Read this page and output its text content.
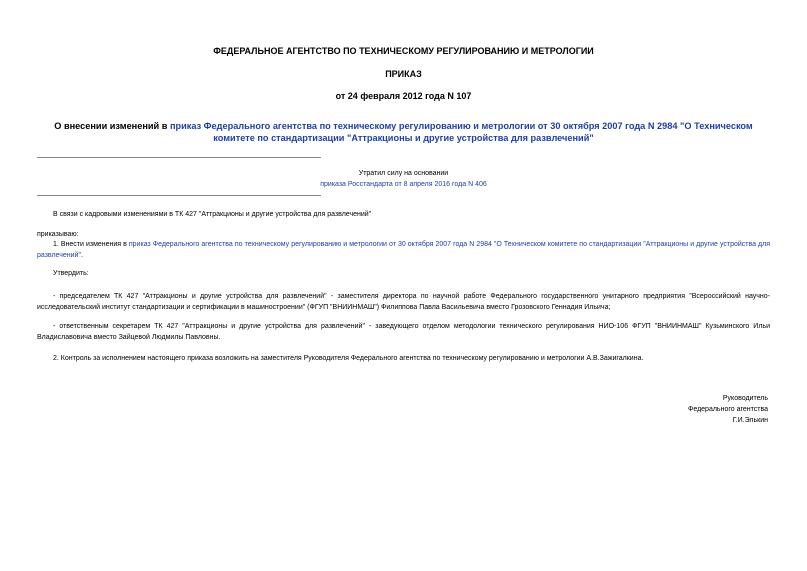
ФЕДЕРАЛЬНОЕ АГЕНТСТВО ПО ТЕХНИЧЕСКОМУ РЕГУЛИРОВАНИЮ И МЕТРОЛОГИИ
ПРИКАЗ
от 24 февраля 2012 года N 107
О внесении изменений в приказ Федерального агентства по техническому регулированию и метрологии от 30 октября 2007 года N 2984 "О Техническом комитете по стандартизации "Аттракционы и другие устройства для развлечений"
Утратил силу на основании
приказа Росстандарта от 8 апреля 2016 года N 406
В связи с кадровыми изменениями в ТК 427 "Аттракционы и другие устройства для развлечений"
приказываю:
1. Внести изменения в приказ Федерального агентства по техническому регулированию и метрологии от 30 октября 2007 года N 2984 "О Техническом комитете по стандартизации "Аттракционы и другие устройства для развлечений".
Утвердить:
- председателем ТК 427 "Аттракционы и другие устройства для развлечений" - заместителя директора по научной работе Федерального государственного унитарного предприятия "Всероссийский научно-исследовательский институт стандартизации и сертификации в машиностроении" (ФГУП "ВНИИНМАШ") Филиппова Павла Васильевича вместо Грозовского Геннадия Ильича;
- ответственным секретарем ТК 427 "Аттракционы и другие устройства для развлечений" - заведующего отделом методологии технического регулирования НИО-106 ФГУП "ВНИИНМАШ" Кузьминского Ильи Владиславовича вместо Зайцевой Людмилы Павловны.
2. Контроль за исполнением настоящего приказа возложить на заместителя Руководителя Федерального агентства по техническому регулированию и метрологии А.В.Зажигалкина.
Руководитель
Федерального агентства
Г.И.Элькин
